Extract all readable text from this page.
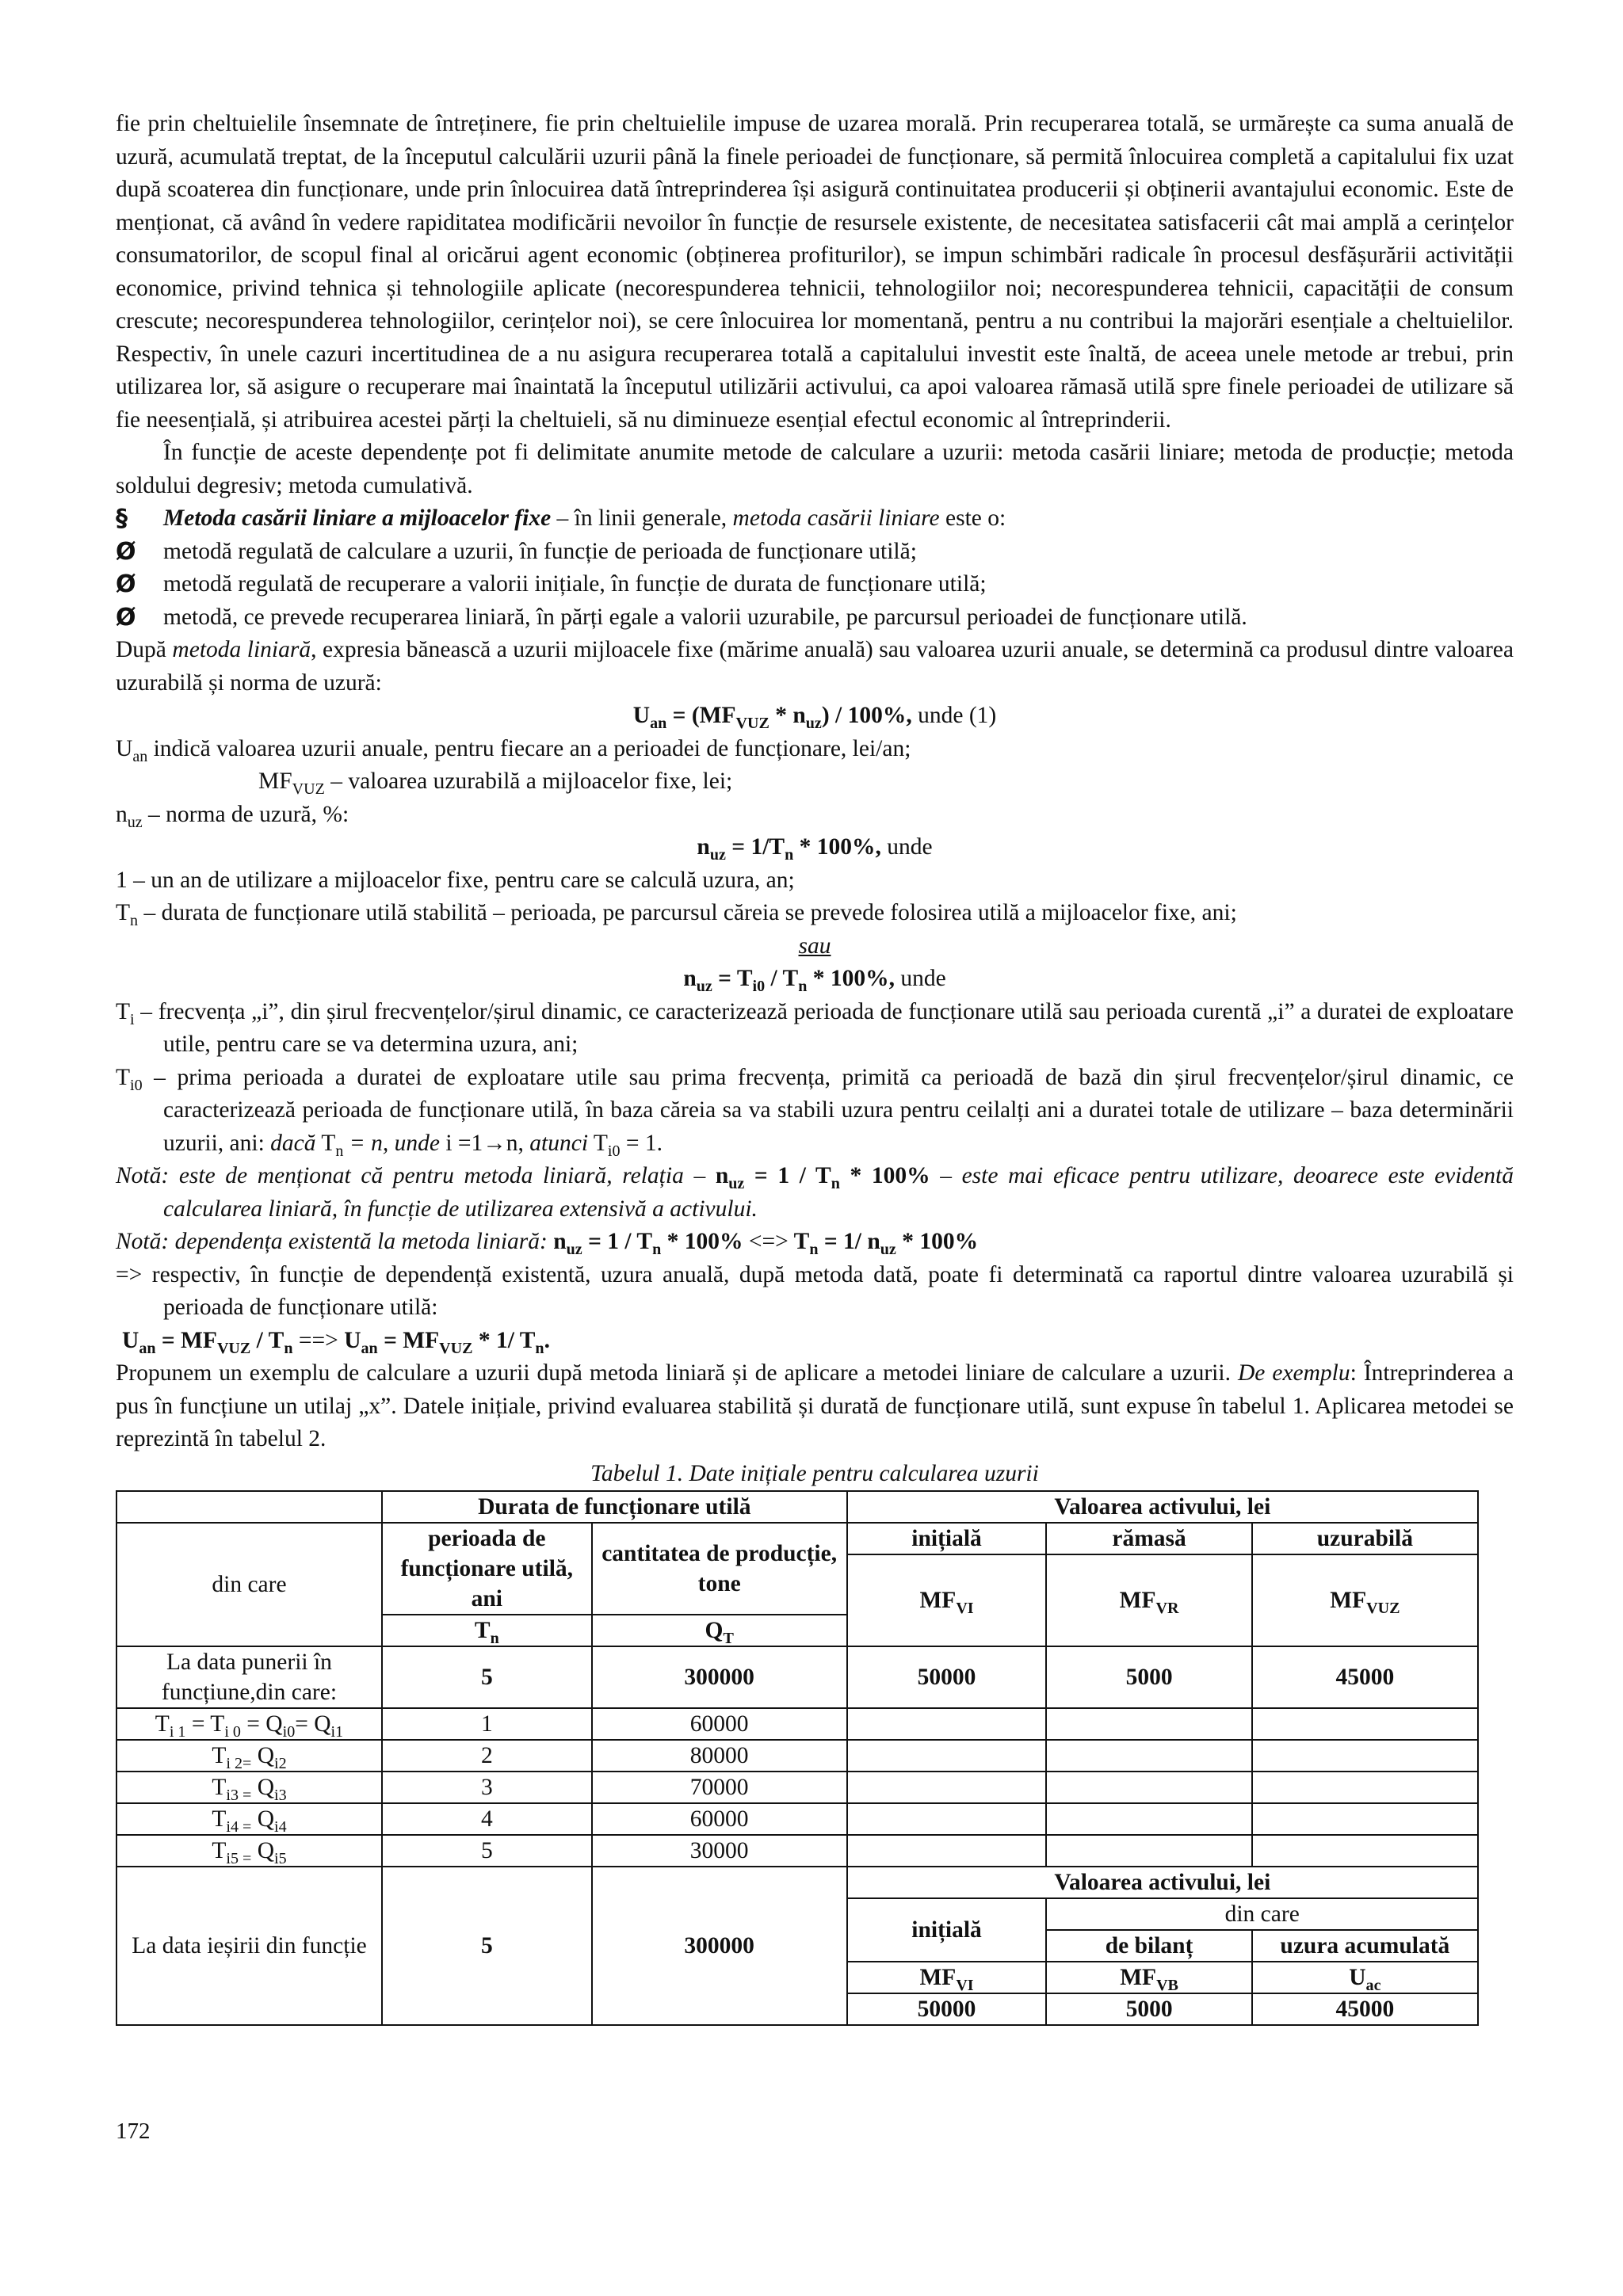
fie prin cheltuielile însemnate de întreținere, fie prin cheltuielile impuse de uzarea morală. Prin recuperarea totală, se urmărește ca suma anuală de uzură, acumulată treptat, de la începutul calculării uzurii până la finele perioadei de funcționare, să permită înlocuirea completă a capitalului fix uzat după scoaterea din funcționare, unde prin înlocuirea dată întreprinderea își asigură continuitatea producerii și obținerii avantajului economic. Este de menționat, că având în vedere rapiditatea modificării nevoilor în funcție de resursele existente, de necesitatea satisfacerii cât mai amplă a cerințelor consumatorilor, de scopul final al oricărui agent economic (obținerea profiturilor), se impun schimbări radicale în procesul desfășurării activității economice, privind tehnica și tehnologiile aplicate (necorespunderea tehnicii, tehnologiilor noi; necorespunderea tehnicii, capacității de consum crescute; necorespunderea tehnologiilor, cerințelor noi), se cere înlocuirea lor momentană, pentru a nu contribui la majorări esențiale a cheltuielilor. Respectiv, în unele cazuri incertitudinea de a nu asigura recuperarea totală a capitalului investit este înaltă, de aceea unele metode ar trebui, prin utilizarea lor, să asigure o recuperare mai înaintată la începutul utilizării activului, ca apoi valoarea rămasă utilă spre finele perioadei de utilizare să fie neesențială, și atribuirea acestei părți la cheltuieli, să nu diminueze esențial efectul economic al întreprinderii.

În funcție de aceste dependențe pot fi delimitate anumite metode de calculare a uzurii: metoda casării liniare; metoda de producție; metoda soldului degresiv; metoda cumulativă.

§	Metoda casării liniare a mijloacelor fixe – în linii generale, metoda casării liniare este o:
Ø	metodă regulată de calculare a uzurii, în funcție de perioada de funcționare utilă;
Ø	metodă regulată de recuperare a valorii inițiale, în funcție de durata de funcționare utilă;
Ø	metodă, ce prevede recuperarea liniară, în părți egale a valorii uzurabile, pe parcursul perioadei de funcționare utilă.

După metoda liniară, expresia bănească a uzurii mijloacele fixe (mărime anuală) sau valoarea uzurii anuale, se determină ca produsul dintre valoarea uzurabilă și norma de uzură:

$U_{an} = (MF_{VUZ} * n_{uz}) / 100\%$, unde (1)

$U_{an}$ indică valoarea uzurii anuale, pentru fiecare an a perioadei de funcționare, lei/an;

$MF_{VUZ}$ – valoarea uzurabilă a mijloacelor fixe, lei;

$n_{uz}$ – norma de uzură, %:

$n_{uz} = 1/T_n * 100\%$, unde

1 – un an de utilizare a mijloacelor fixe, pentru care se calculă uzura, an;

$T_n$ – durata de funcționare utilă stabilită – perioada, pe parcursul căreia se prevede folosirea utilă a mijloacelor fixe, ani;

sau

$n_{uz} = T_{i0} / T_n * 100\%$, unde

$T_i$ – frecvența „i”, din șirul frecvențelor/șirul dinamic, ce caracterizează perioada de funcționare utilă sau perioada curentă „i” a duratei de exploatare utile, pentru care se va determina uzura, ani;

$T_{i0}$ – prima perioada a duratei de exploatare utile sau prima frecvența, primită ca perioadă de bază din șirul frecvențelor/șirul dinamic, ce caracterizează perioada de funcționare utilă, în baza căreia sa va stabili uzura pentru ceilalți ani a duratei totale de utilizare – baza determinării uzurii, ani: dacă $T_n = n$, unde i =1→n, atunci $T_{i0} = 1$.

Notă: este de menționat că pentru metoda liniară, relația – $n_{uz} = 1 / T_n * 100\%$ – este mai eficace pentru utilizare, deoarece este evidentă calcularea liniară, în funcție de utilizarea extensivă a activului.

Notă: dependența existentă la metoda liniară: $n_{uz} = 1 / T_n * 100\%$ <=> $T_n = 1/$ $n_{uz} * 100\%$

=> respectiv, în funcție de dependență existentă, uzura anuală, după metoda dată, poate fi determinată ca raportul dintre valoarea uzurabilă și perioada de funcționare utilă:

$U_{an} = MF_{VUZ} / T_n$ ==> $U_{an} = MF_{VUZ} * 1/$ $T_n$.

Propunem un exemplu de calculare a uzurii după metoda liniară și de aplicare a metodei liniare de calculare a uzurii. De exemplu: Întreprinderea a pus în funcțiune un utilaj „x”. Datele inițiale, privind evaluarea stabilită și durată de funcționare utilă, sunt expuse în tabelul 1. Aplicarea metodei se reprezintă în tabelul 2.

Tabelul 1. Date inițiale pentru calcularea uzurii

	Durata de funcționare utilă		Valoarea activului, lei		
din care	perioada de funcționare utilă, ani	cantitatea de producție, tone	inițială	rămasă	uzurabilă
			$MF_{VI}$	$MF_{VR}$	$MF_{VUZ}$
	$T_n$	$Q_T$
La data punerii în funcțiune,din care:	5	300000	50000	5000	45000
$T_{i 1} = T_{i 0} = Q_{i0}= Q_{i1}$	1	60000			
$T_{i 2=}$ $Q_{i2}$	2	80000			
$T_{i3 =}$ $Q_{i3}$	3	70000			
$T_{i4 =}$ $Q_{i4}$	4	60000			
$T_{i5 =}$ $Q_{i5}$	5	30000			
La data ieșirii din funcție	5	300000	Valoarea activului, lei		
			inițială	din care	
				de bilanț	uzura acumulată
			$MF_{VI}$	$MF_{VB}$	$U_{ac}$
			50000	5000	45000
172
